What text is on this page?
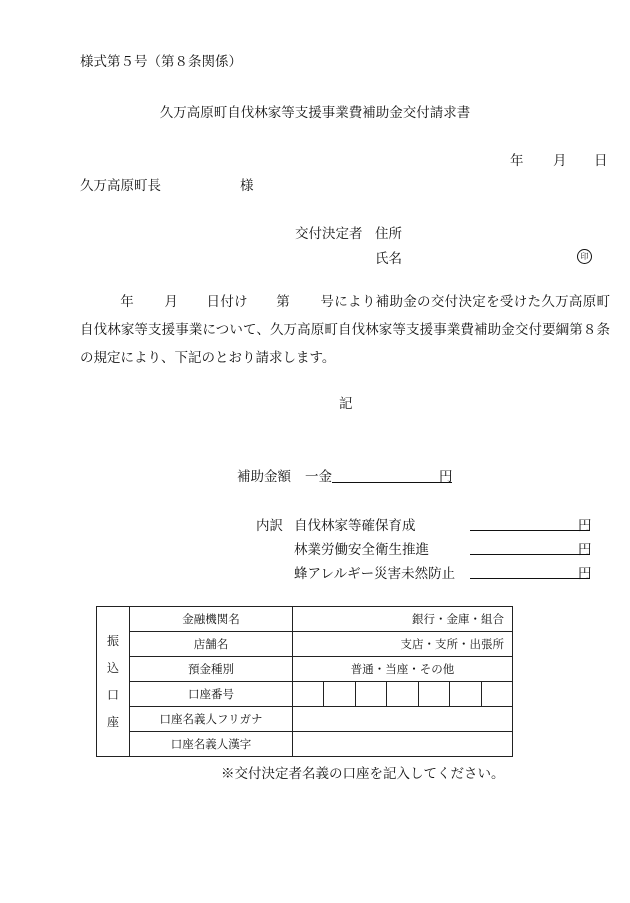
様式第５号（第８条関係）
久万高原町自伐林家等支援事業費補助金交付請求書
年 月 日
久万高原町長	様
交付決定者 住所
氏名	印
年 月 日付け 第 号により補助金の交付決定を受けた久万高原町自伐林家等支援事業について、久万高原町自伐林家等支援事業費補助金交付要綱第８条の規定により、下記のとおり請求します。
記
補助金額 一金	円
内訳 自伐林家等確保育成	円
林業労働安全衛生推進	円
蜂アレルギー災害未然防止	円
振
込
口
座	金融機関名	銀行・金庫・組合
	店舗名	支店・支所・出張所
	預金種別	普通・当座・その他
	口座番号	

	口座名義人フリガナ	
	口座名義人漢字	
※交付決定者名義の口座を記入してください。
